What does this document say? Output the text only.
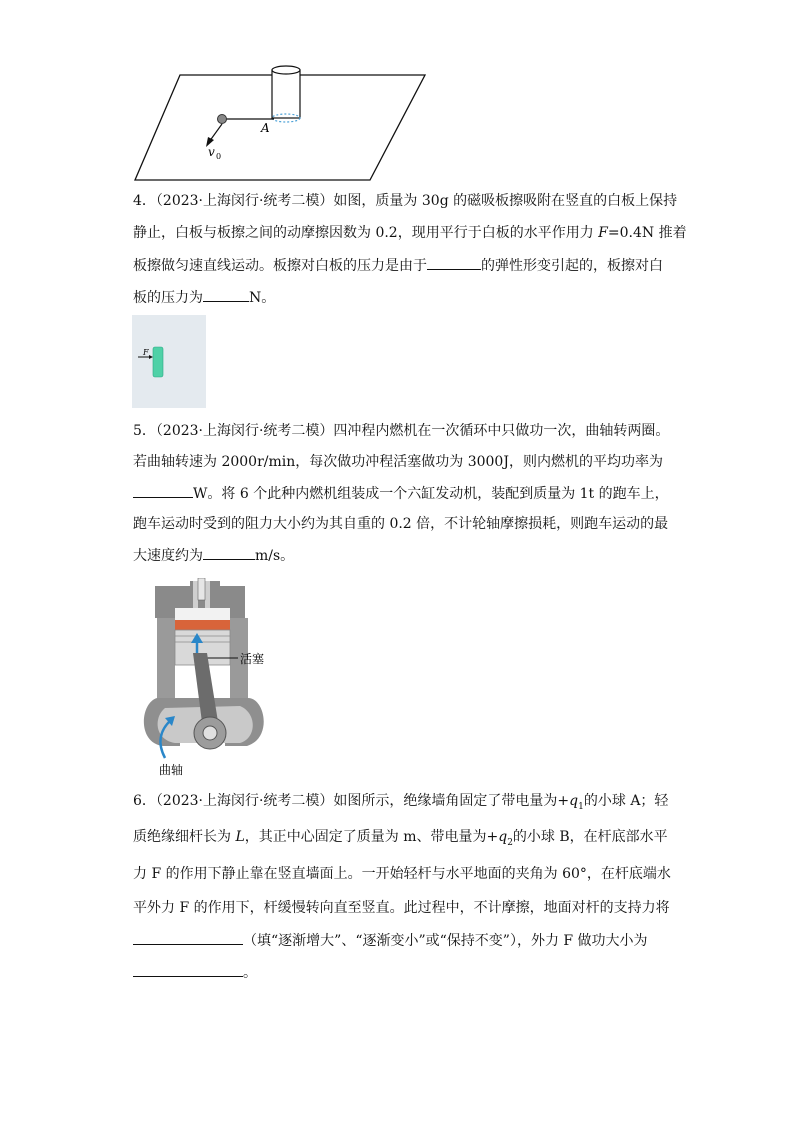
A
v 0
4．（2023·上海闵行·统考二模）如图，质量为 30g 的磁吸板擦吸附在竖直的白板上保持
静止，白板与板擦之间的动摩擦因数为 0.2，现用平行于白板的水平作用力 F=0.4N 推着
板擦做匀速直线运动。板擦对白板的压力是由于	的弹性形变引起的，板擦对白
板的压力为	N。
F
5．（2023·上海闵行·统考二模）四冲程内燃机在一次循环中只做功一次，曲轴转两圈。
若曲轴转速为 2000r/min，每次做功冲程活塞做功为 3000J，则内燃机的平均功率为
W。将 6 个此种内燃机组装成一个六缸发动机，装配到质量为 1t 的跑车上，
跑车运动时受到的阻力大小约为其自重的 0.2 倍，不计轮轴摩擦损耗，则跑车运动的最
大速度约为	m/s。
活塞
曲轴
6．（2023·上海闵行·统考二模）如图所示，绝缘墙角固定了带电量为$+q_1$的小球 A；轻
质绝缘细杆长为 L，其正中心固定了质量为 m、带电量为$+q_2$的小球 B，在杆底部水平
力 F 的作用下静止靠在竖直墙面上。一开始轻杆与水平地面的夹角为 60°，在杆底端水
平外力 F 的作用下，杆缓慢转向直至竖直。此过程中，不计摩擦，地面对杆的支持力将
（填“逐渐增大”、“逐渐变小”或“保持不变”），外力 F 做功大小为
。
